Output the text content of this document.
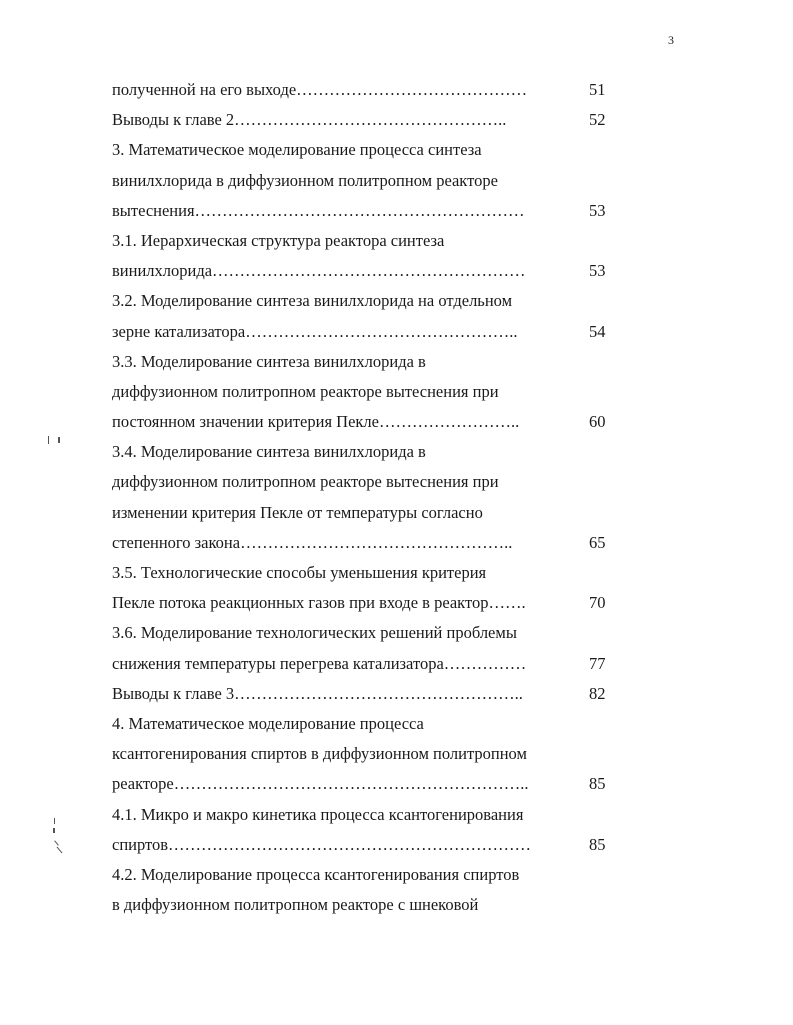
3
полученной на его выходе……………………………………	51
Выводы к главе 2…………………………………………..	52
3. Математическое моделирование процесса синтеза
винилхлорида в диффузионном политропном реакторе
вытеснения……………………………………………………	53
3.1. Иерархическая структура реактора синтеза
винилхлорида…………………………………………………	53
3.2. Моделирование синтеза винилхлорида на отдельном
зерне катализатора…………………………………………..	54
3.3. Моделирование синтеза винилхлорида в
диффузионном политропном реакторе вытеснения при
постоянном значении критерия Пекле……………………..	60
3.4. Моделирование синтеза винилхлорида в
диффузионном политропном реакторе вытеснения при
изменении критерия Пекле от температуры согласно
степенного закона…………………………………………..	65
3.5. Технологические способы уменьшения критерия
Пекле потока реакционных газов при входе в реактор…….	70
3.6. Моделирование технологических решений проблемы
снижения температуры перегрева катализатора……………	77
Выводы к главе 3……………………………………………..	82
4. Математическое моделирование процесса
ксантогенирования спиртов в диффузионном политропном
реакторе………………………………………………………..	85
4.1. Микро и макро кинетика процесса ксантогенирования
спиртов…………………………………………………………	85
4.2. Моделирование процесса ксантогенирования спиртов
в диффузионном политропном реакторе с шнековой
